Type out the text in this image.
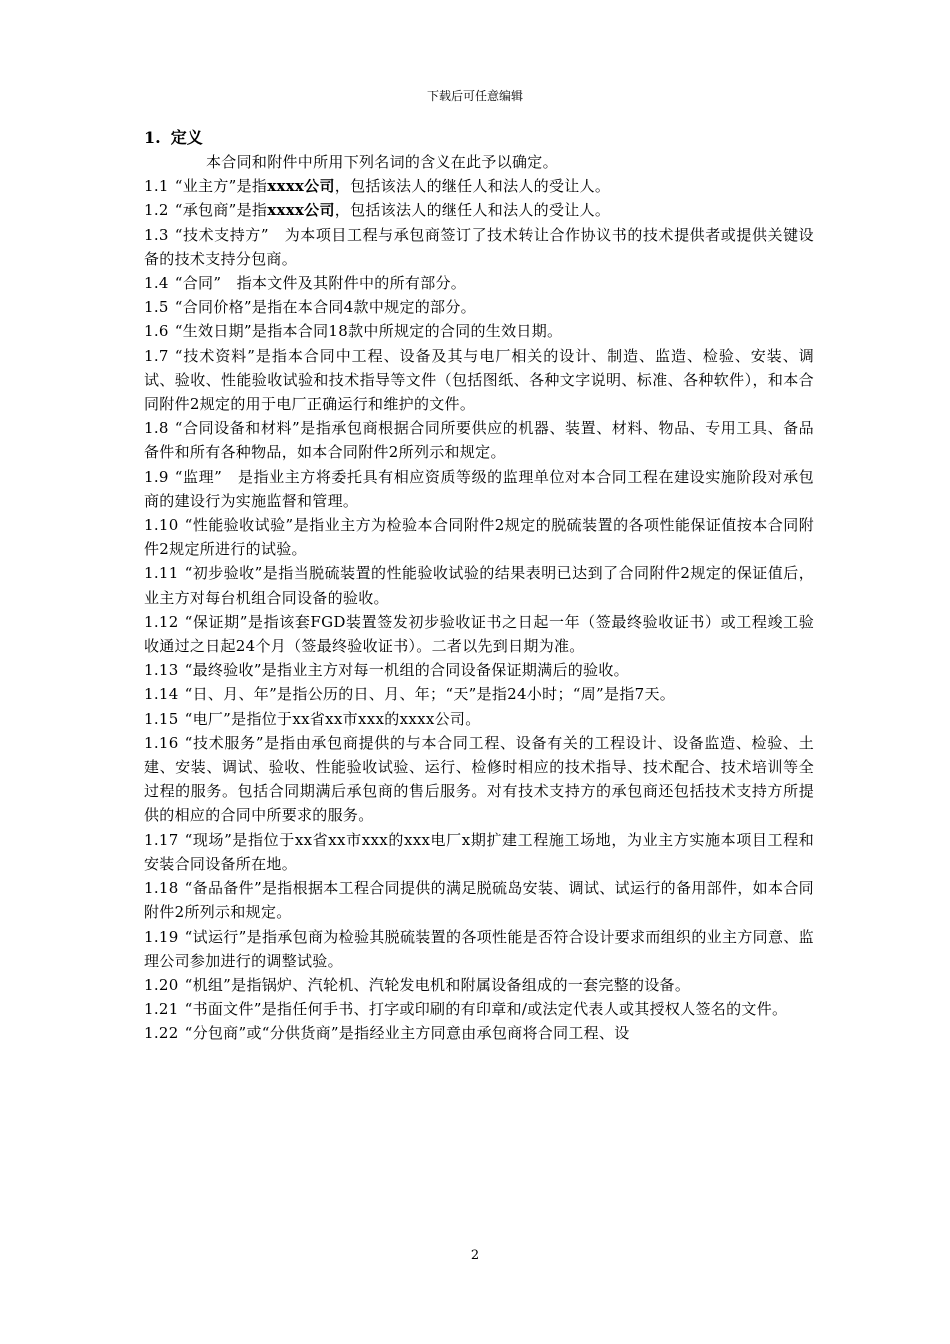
下载后可任意编辑
1. 定义
本合同和附件中所用下列名词的含义在此予以确定。
1.1 “业主方”是指xxxx公司，包括该法人的继任人和法人的受让人。
1.2 “承包商”是指xxxx公司，包括该法人的继任人和法人的受让人。
1.3 “技术支持方”　为本项目工程与承包商签订了技术转让合作协议书的技术提供者或提供关键设备的技术支持分包商。
1.4 “合同”　指本文件及其附件中的所有部分。
1.5 “合同价格”是指在本合同4款中规定的部分。
1.6 “生效日期”是指本合同18款中所规定的合同的生效日期。
1.7 “技术资料”是指本合同中工程、设备及其与电厂相关的设计、制造、监造、检验、安装、调试、验收、性能验收试验和技术指导等文件（包括图纸、各种文字说明、标准、各种软件），和本合同附件2规定的用于电厂正确运行和维护的文件。
1.8 “合同设备和材料”是指承包商根据合同所要供应的机器、装置、材料、物品、专用工具、备品备件和所有各种物品，如本合同附件2所列示和规定。
1.9 “监理”　是指业主方将委托具有相应资质等级的监理单位对本合同工程在建设实施阶段对承包商的建设行为实施监督和管理。
1.10 “性能验收试验”是指业主方为检验本合同附件2规定的脱硫装置的各项性能保证值按本合同附件2规定所进行的试验。
1.11 “初步验收”是指当脱硫装置的性能验收试验的结果表明已达到了合同附件2规定的保证值后，业主方对每台机组合同设备的验收。
1.12 “保证期”是指该套FGD装置签发初步验收证书之日起一年（签最终验收证书）或工程竣工验收通过之日起24个月（签最终验收证书）。二者以先到日期为准。
1.13 “最终验收”是指业主方对每一机组的合同设备保证期满后的验收。
1.14 “日、月、年”是指公历的日、月、年；“天”是指24小时；“周”是指7天。
1.15 “电厂”是指位于xx省xx市xxx的xxxx公司。
1.16 “技术服务”是指由承包商提供的与本合同工程、设备有关的工程设计、设备监造、检验、土建、安装、调试、验收、性能验收试验、运行、检修时相应的技术指导、技术配合、技术培训等全过程的服务。包括合同期满后承包商的售后服务。对有技术支持方的承包商还包括技术支持方所提供的相应的合同中所要求的服务。
1.17 “现场”是指位于xx省xx市xxx的xxx电厂x期扩建工程施工场地，为业主方实施本项目工程和安装合同设备所在地。
1.18 “备品备件”是指根据本工程合同提供的满足脱硫岛安装、调试、试运行的备用部件，如本合同附件2所列示和规定。
1.19 “试运行”是指承包商为检验其脱硫装置的各项性能是否符合设计要求而组织的业主方同意、监理公司参加进行的调整试验。
1.20 “机组”是指锅炉、汽轮机、汽轮发电机和附属设备组成的一套完整的设备。
1.21 “书面文件”是指任何手书、打字或印刷的有印章和/或法定代表人或其授权人签名的文件。
1.22 “分包商”或“分供货商”是指经业主方同意由承包商将合同工程、设
2
